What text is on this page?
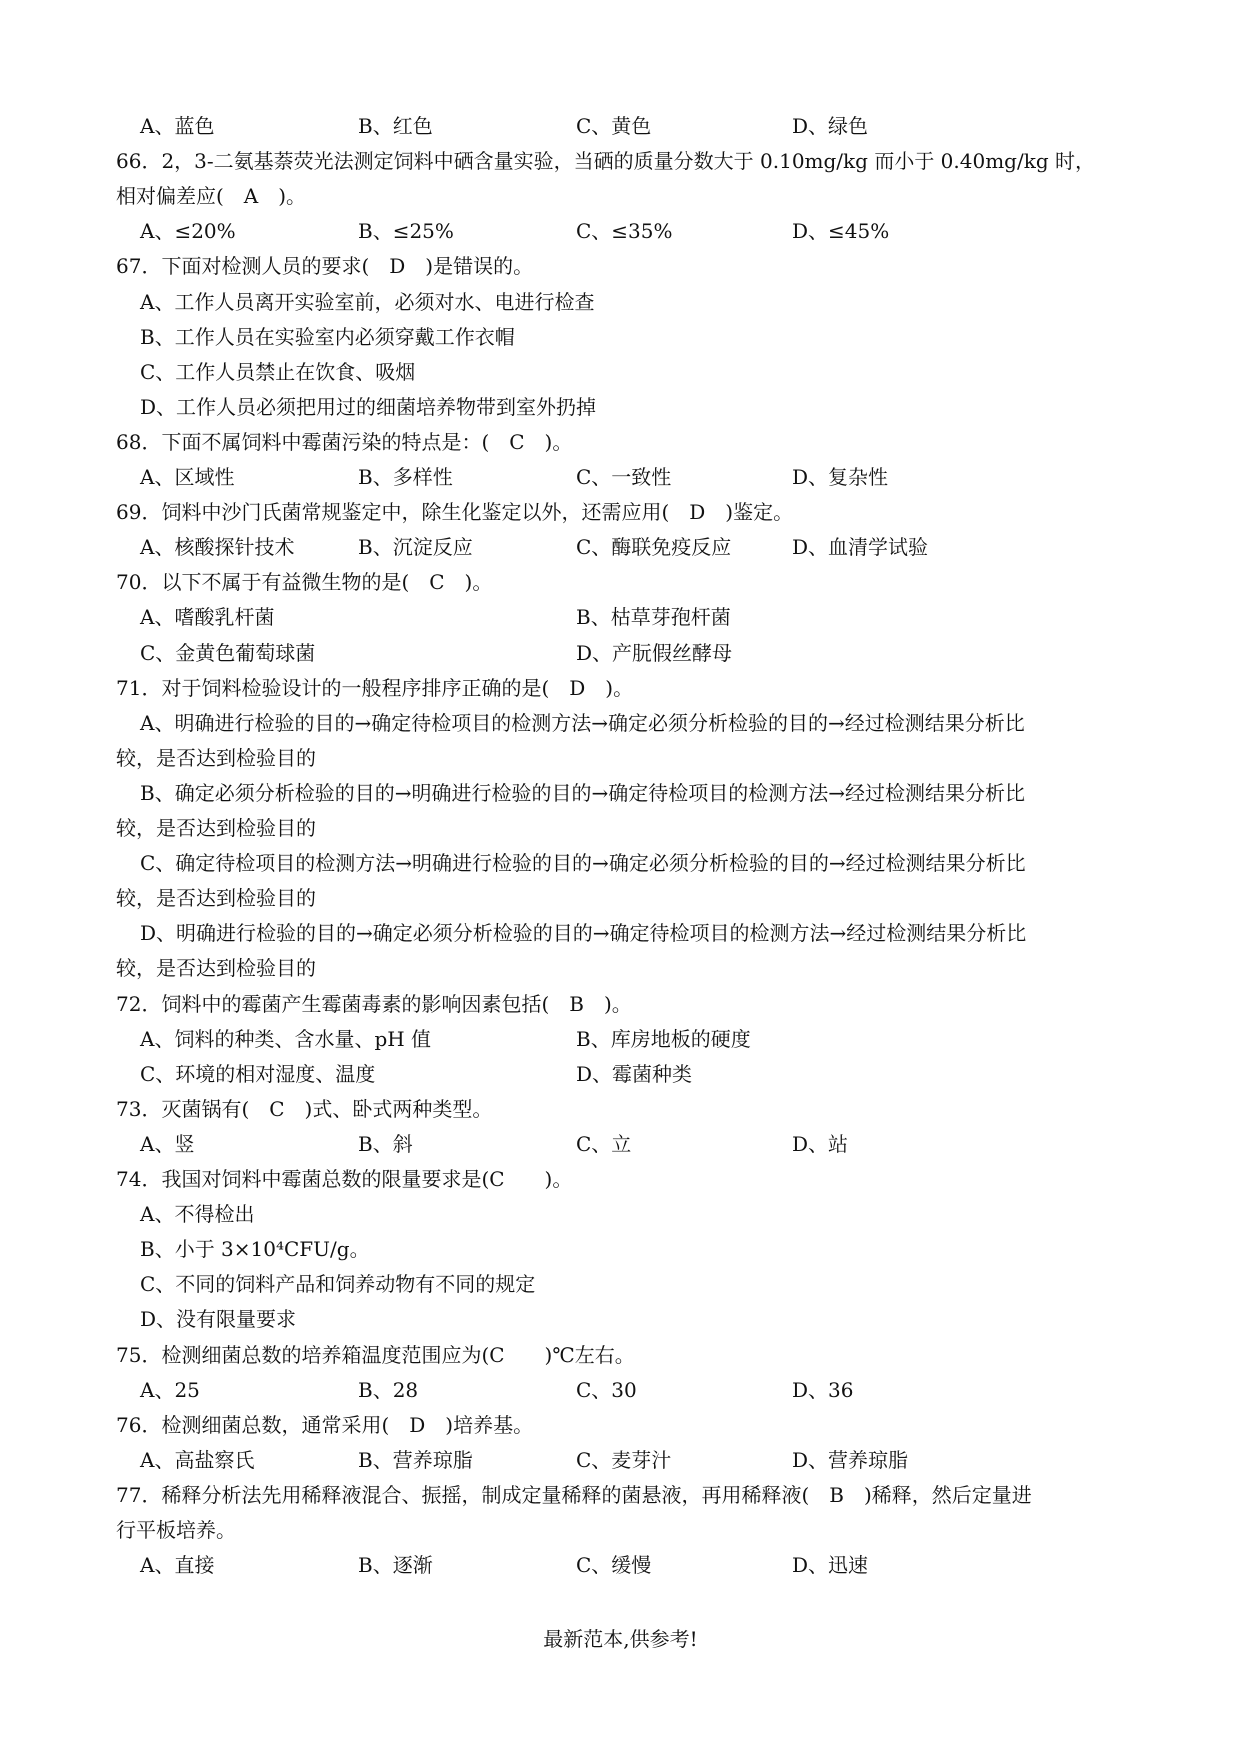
A、蓝色	B、红色	C、黄色	D、绿色
66．2，3-二氨基萘荧光法测定饲料中硒含量实验，当硒的质量分数大于 0.10mg/kg 而小于 0.40mg/kg 时，
相对偏差应(　A　)。
A、≤20%	B、≤25%	C、≤35%	D、≤45%
67．下面对检测人员的要求(　D　)是错误的。
A、工作人员离开实验室前，必须对水、电进行检查
B、工作人员在实验室内必须穿戴工作衣帽
C、工作人员禁止在饮食、吸烟
D、工作人员必须把用过的细菌培养物带到室外扔掉
68．下面不属饲料中霉菌污染的特点是：(　C　)。
A、区域性	B、多样性	C、一致性	D、复杂性
69．饲料中沙门氏菌常规鉴定中，除生化鉴定以外，还需应用(　D　)鉴定。
A、核酸探针技术	B、沉淀反应	C、酶联免疫反应	D、血清学试验
70．以下不属于有益微生物的是(　C　)。
A、嗜酸乳杆菌	B、枯草芽孢杆菌
C、金黄色葡萄球菌	D、产朊假丝酵母
71．对于饲料检验设计的一般程序排序正确的是(　D　)。
A、明确进行检验的目的→确定待检项目的检测方法→确定必须分析检验的目的→经过检测结果分析比
较，是否达到检验目的
B、确定必须分析检验的目的→明确进行检验的目的→确定待检项目的检测方法→经过检测结果分析比
较，是否达到检验目的
C、确定待检项目的检测方法→明确进行检验的目的→确定必须分析检验的目的→经过检测结果分析比
较，是否达到检验目的
D、明确进行检验的目的→确定必须分析检验的目的→确定待检项目的检测方法→经过检测结果分析比
较，是否达到检验目的
72．饲料中的霉菌产生霉菌毒素的影响因素包括(　B　)。
A、饲料的种类、含水量、pH 值	B、库房地板的硬度
C、环境的相对湿度、温度	D、霉菌种类
73．灭菌锅有(　C　)式、卧式两种类型。
A、竖	B、斜	C、立	D、站
74．我国对饲料中霉菌总数的限量要求是(C　　)。
A、不得检出
B、小于 3×10⁴CFU/g。
C、不同的饲料产品和饲养动物有不同的规定
D、没有限量要求
75．检测细菌总数的培养箱温度范围应为(C　　)℃左右。
A、25	B、28	C、30	D、36
76．检测细菌总数，通常采用(　D　)培养基。
A、高盐察氏	B、营养琼脂	C、麦芽汁	D、营养琼脂
77．稀释分析法先用稀释液混合、振摇，制成定量稀释的菌悬液，再用稀释液(　B　)稀释，然后定量进
行平板培养。
A、直接	B、逐渐	C、缓慢	D、迅速
最新范本,供参考!
